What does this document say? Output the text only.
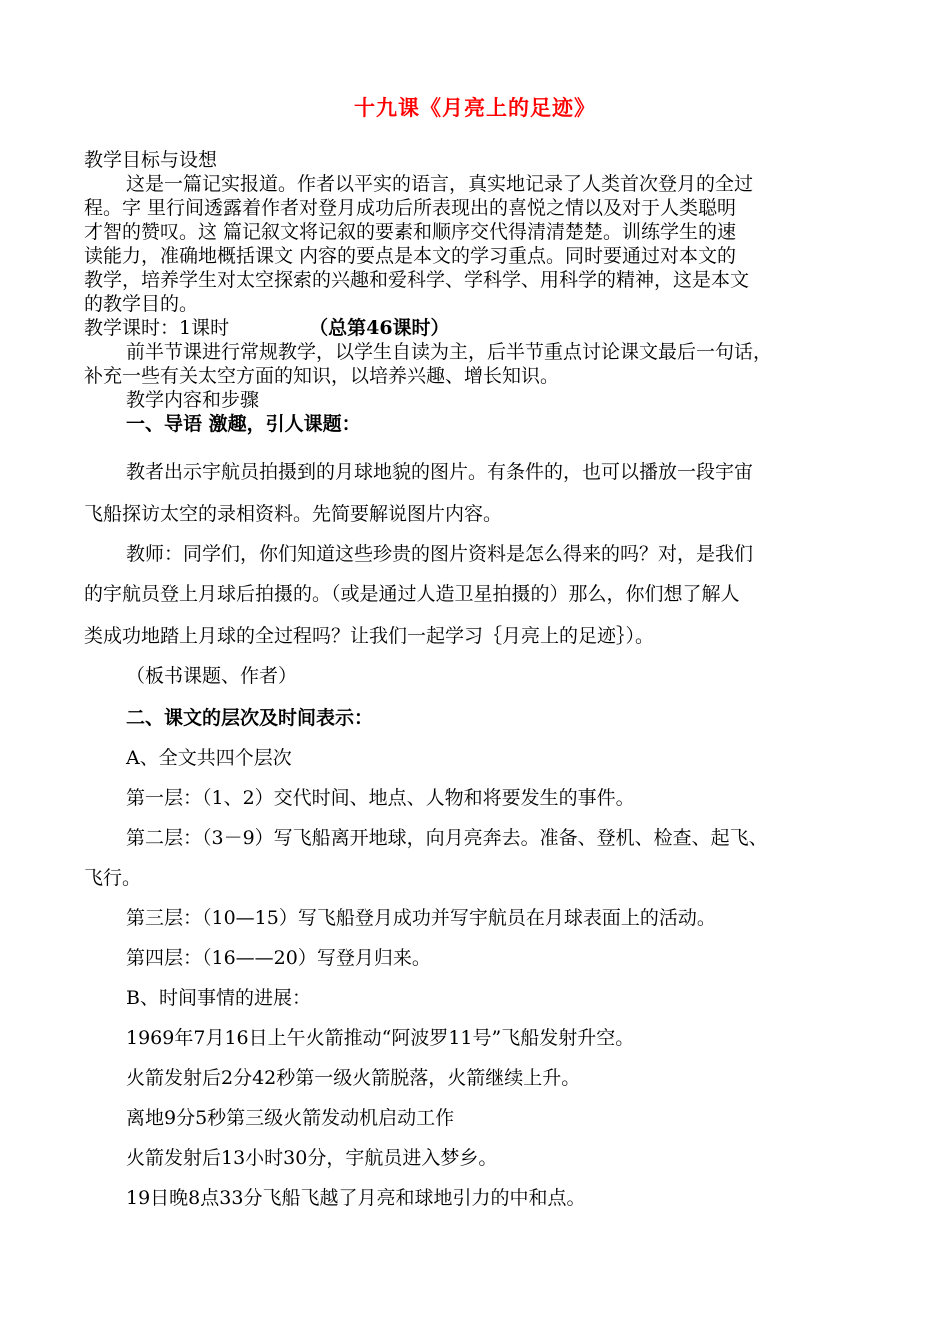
十九课《月亮上的足迹》
教学目标与设想
这是一篇记实报道。作者以平实的语言，真实地记录了人类首次登月的全过
程。字 里行间透露着作者对登月成功后所表现出的喜悦之情以及对于人类聪明
才智的赞叹。这 篇记叙文将记叙的要素和顺序交代得清清楚楚。训练学生的速
读能力，准确地概括课文 内容的要点是本文的学习重点。同时要通过对本文的
教学，培养学生对太空探索的兴趣和爱科学、学科学、用科学的精神，这是本文
的教学目的。
教学课时：1课时	（总第46课时）
前半节课进行常规教学，以学生自读为主，后半节重点讨论课文最后一句话，
补充一些有关太空方面的知识，以培养兴趣、增长知识。
教学内容和步骤
一、导语 激趣，引人课题：
教者出示宇航员拍摄到的月球地貌的图片。有条件的，也可以播放一段宇宙
飞船探访太空的录相资料。先简要解说图片内容。
教师：同学们，你们知道这些珍贵的图片资料是怎么得来的吗？对，是我们
的宇航员登上月球后拍摄的。（或是通过人造卫星拍摄的）那么，你们想了解人
类成功地踏上月球的全过程吗？让我们一起学习｛月亮上的足迹｝）。
（板书课题、作者）
二、课文的层次及时间表示：
A、全文共四个层次
第一层：（1、2）交代时间、地点、人物和将要发生的事件。
第二层：（3－9）写飞船离开地球，向月亮奔去。准备、登机、检查、起飞、
飞行。
第三层：（10—15）写飞船登月成功并写宇航员在月球表面上的活动。
第四层：（16——20）写登月归来。
B、时间事情的进展：
1969年7月16日上午火箭推动“阿波罗11号”飞船发射升空。
火箭发射后2分42秒第一级火箭脱落，火箭继续上升。
离地9分5秒第三级火箭发动机启动工作
火箭发射后13小时30分，宇航员进入梦乡。
19日晚8点33分飞船飞越了月亮和球地引力的中和点。
